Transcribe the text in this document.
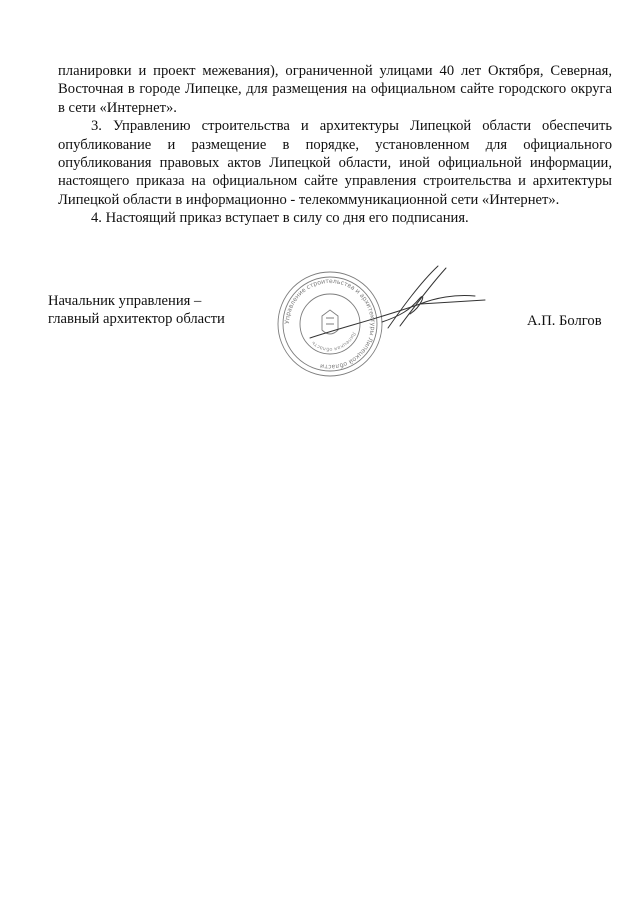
планировки и проект межевания), ограниченной улицами 40 лет Октября, Северная, Восточная в городе Липецке, для размещения на официальном сайте городского округа в сети «Интернет».

3. Управлению строительства и архитектуры Липецкой области обеспечить опубликование и размещение в порядке, установленном для официального опубликования правовых актов Липецкой области, иной официальной информации, настоящего приказа на официальном сайте управления строительства и архитектуры Липецкой области в информационно - телекоммуникационной сети «Интернет».

4. Настоящий приказ вступает в силу со дня его подписания.

Начальник управления –
главный архитектор области	Управление строительства и архитектуры Липецкой области
Липецкая область
А.П. Болгов
